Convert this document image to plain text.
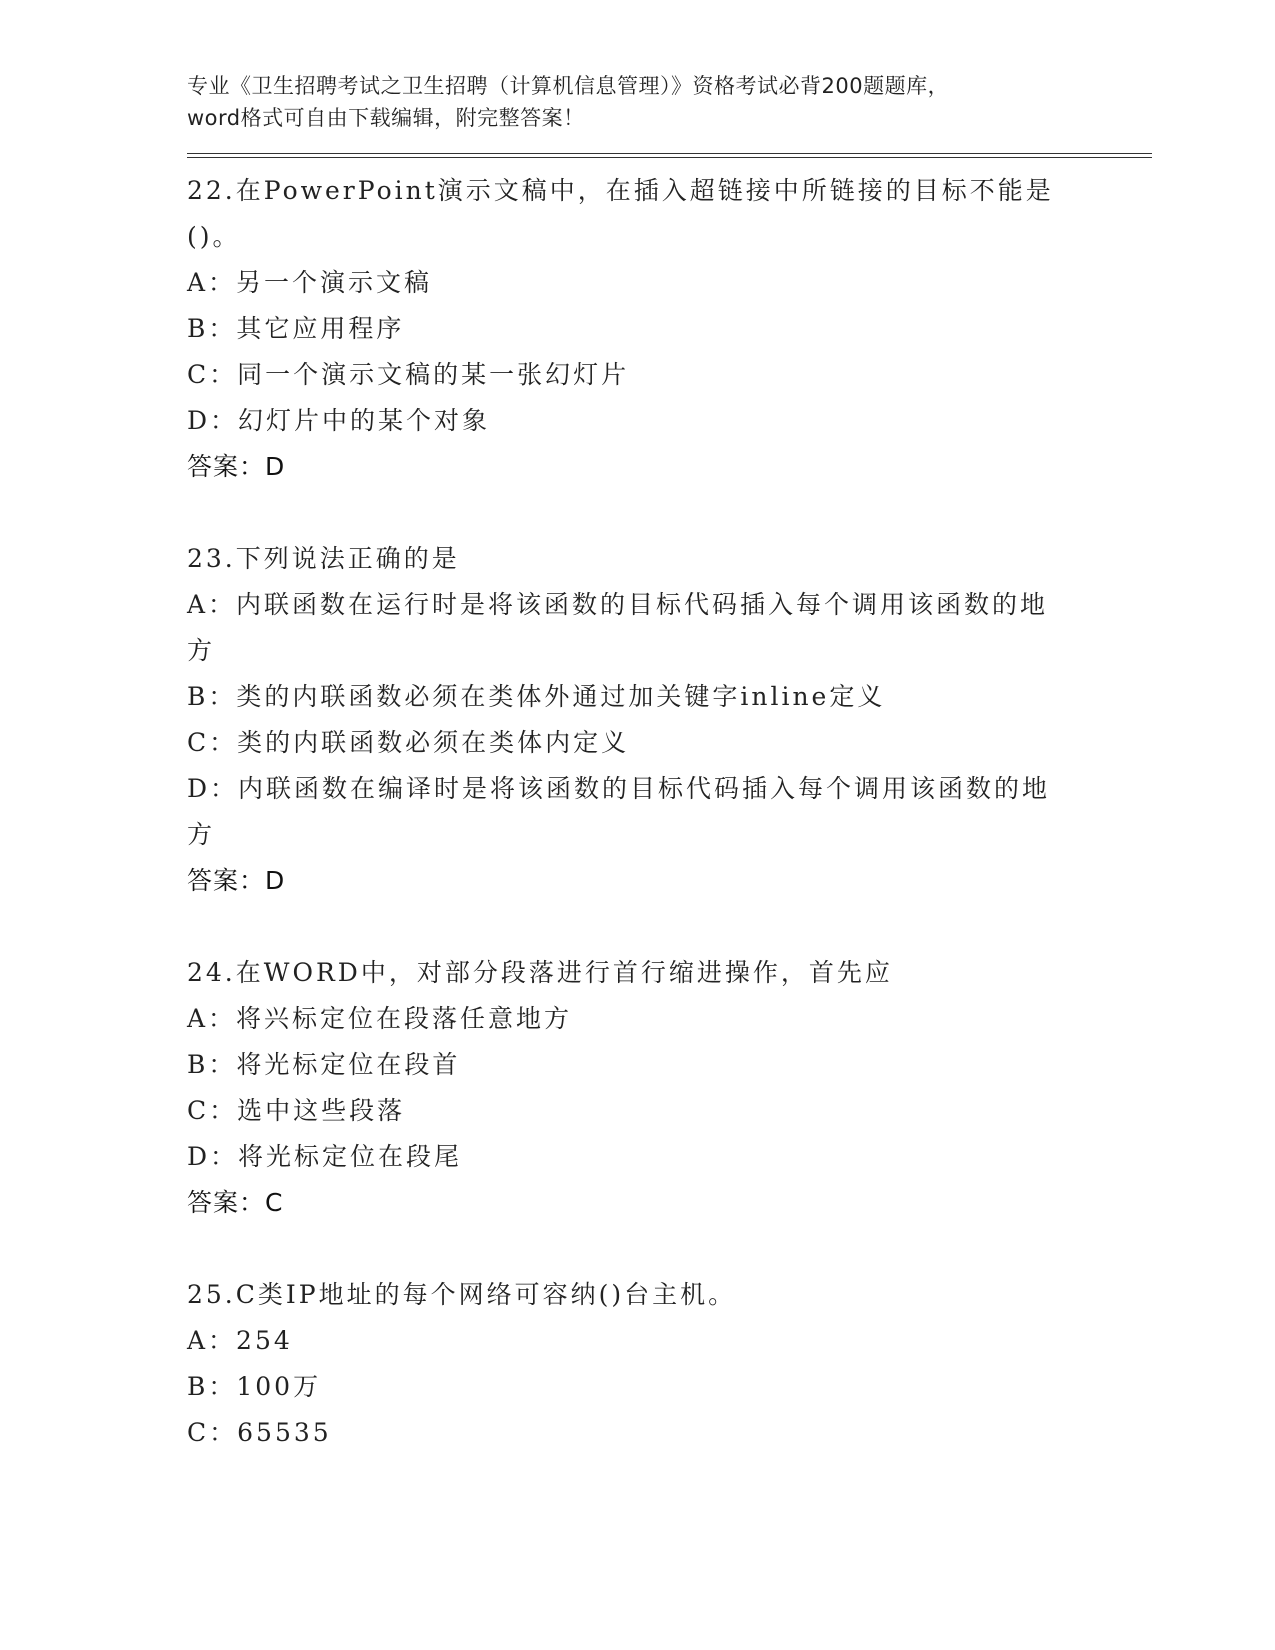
专业《卫生招聘考试之卫生招聘（计算机信息管理）》资格考试必背200题题库，
word格式可自由下载编辑，附完整答案！
22.在PowerPoint演示文稿中，在插入超链接中所链接的目标不能是()。
A：另一个演示文稿
B：其它应用程序
C：同一个演示文稿的某一张幻灯片
D：幻灯片中的某个对象
答案：D
23.下列说法正确的是
A：内联函数在运行时是将该函数的目标代码插入每个调用该函数的地方
B：类的内联函数必须在类体外通过加关键字inline定义
C：类的内联函数必须在类体内定义
D：内联函数在编译时是将该函数的目标代码插入每个调用该函数的地方
答案：D
24.在WORD中，对部分段落进行首行缩进操作，首先应
A：将兴标定位在段落任意地方
B：将光标定位在段首
C：选中这些段落
D：将光标定位在段尾
答案：C
25.C类IP地址的每个网络可容纳()台主机。
A：254
B：100万
C：65535
